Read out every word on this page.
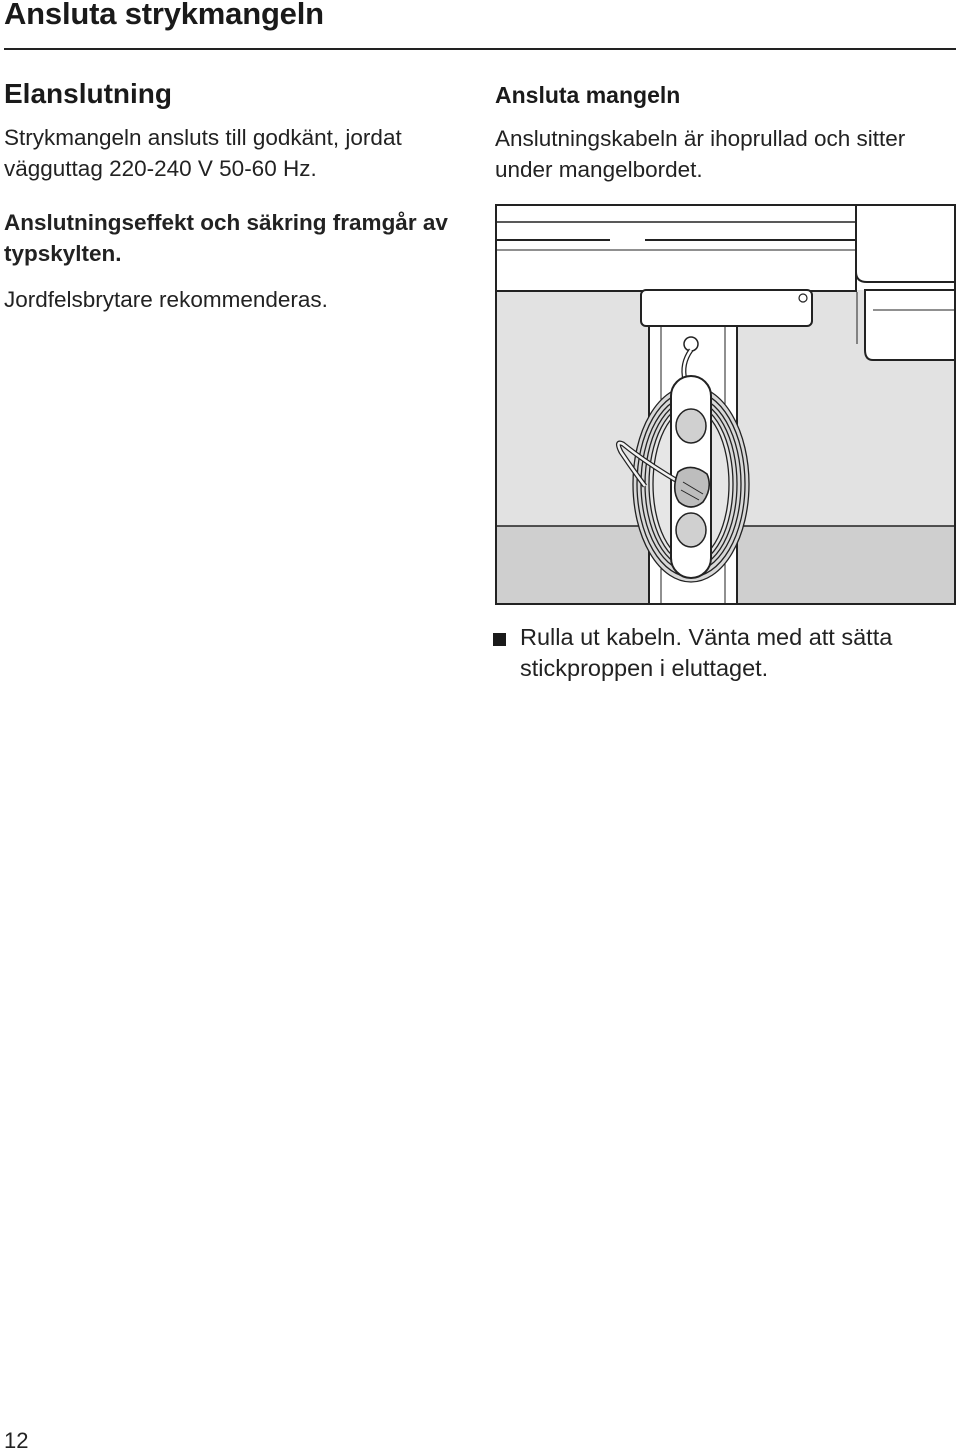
Ansluta strykmangeln
Elanslutning

Strykmangeln ansluts till godkänt, jordat vägguttag 220-240 V 50-60 Hz.

Anslutningseffekt och säkring framgår av typskylten.

Jordfelsbrytare rekommenderas.

Ansluta mangeln

Anslutningskabeln är ihoprullad och sitter under mangelbordet.

Rulla ut kabeln. Vänta med att sätta stickproppen i eluttaget.

12
